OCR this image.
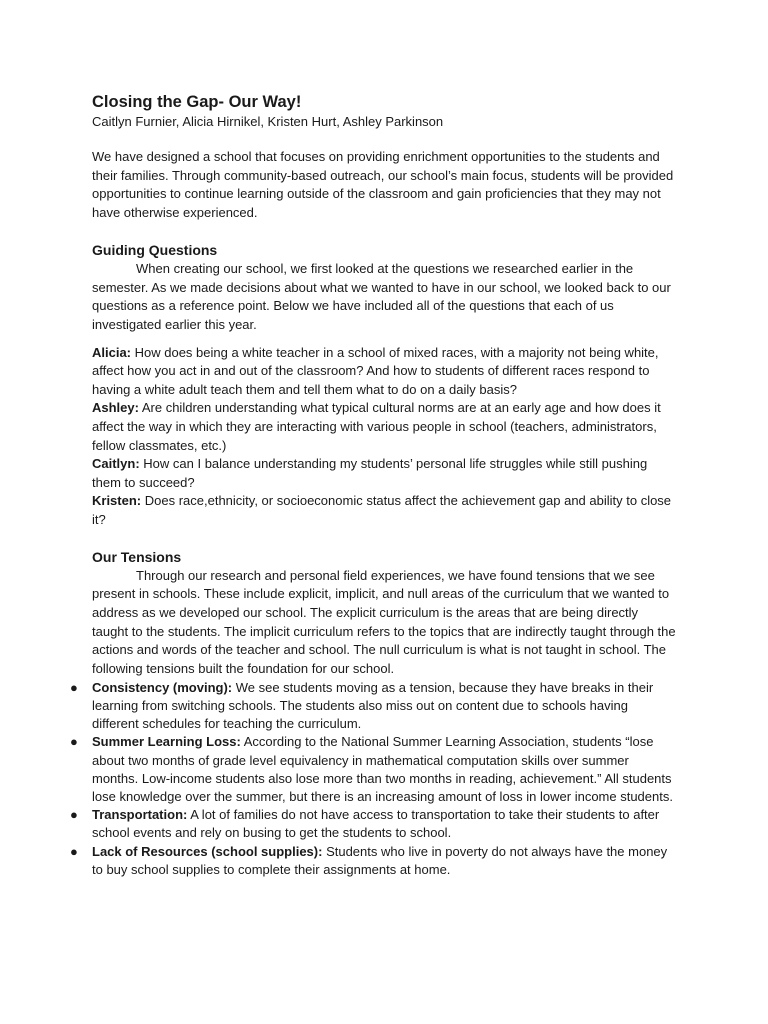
Closing the Gap- Our Way!

Caitlyn Furnier, Alicia Hirnikel, Kristen Hurt, Ashley Parkinson

We have designed a school that focuses on providing enrichment opportunities to the students and their families. Through community-based outreach, our school’s main focus, students will be provided opportunities to continue learning outside of the classroom and gain proficiencies that they may not have otherwise experienced.

Guiding Questions

When creating our school, we first looked at the questions we researched earlier in the semester. As we made decisions about what we wanted to have in our school, we looked back to our questions as a reference point. Below we have included all of the questions that each of us investigated earlier this year.

Alicia: How does being a white teacher in a school of mixed races, with a majority not being white, affect how you act in and out of the classroom? And how to students of different races respond to having a white adult teach them and tell them what to do on a daily basis?

Ashley: Are children understanding what typical cultural norms are at an early age and how does it affect the way in which they are interacting with various people in school (teachers, administrators, fellow classmates, etc.)

Caitlyn: How can I balance understanding my students’ personal life struggles while still pushing them to succeed?

Kristen: Does race,ethnicity, or socioeconomic status affect the achievement gap and ability to close it?

Our Tensions

Through our research and personal field experiences, we have found tensions that we see present in schools. These include explicit, implicit, and null areas of the curriculum that we wanted to address as we developed our school. The explicit curriculum is the areas that are being directly taught to the students. The implicit curriculum refers to the topics that are indirectly taught through the actions and words of the teacher and school. The null curriculum is what is not taught in school. The following tensions built the foundation for our school.

● Consistency (moving): We see students moving as a tension, because they have breaks in their learning from switching schools. The students also miss out on content due to schools having different schedules for teaching the curriculum.
● Summer Learning Loss: According to the National Summer Learning Association, students “lose about two months of grade level equivalency in mathematical computation skills over summer months. Low-income students also lose more than two months in reading, achievement.” All students lose knowledge over the summer, but there is an increasing amount of loss in lower income students.
● Transportation: A lot of families do not have access to transportation to take their students to after school events and rely on busing to get the students to school.
● Lack of Resources (school supplies): Students who live in poverty do not always have the money to buy school supplies to complete their assignments at home.
